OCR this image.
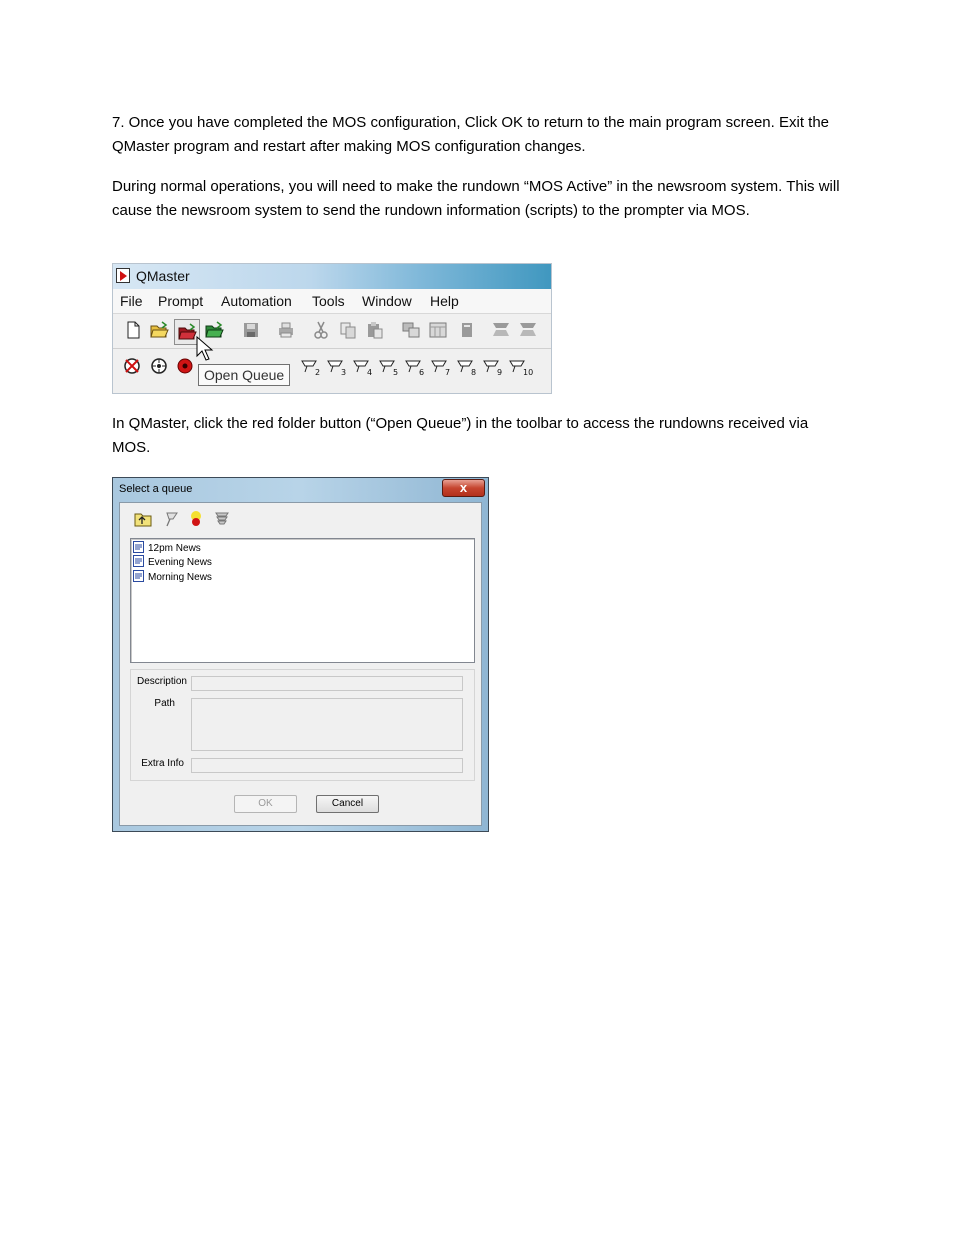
7. Once you have completed the MOS configuration, Click OK to return to the main program screen. Exit the QMaster program and restart after making MOS configuration changes.

During normal operations, you will need to make the rundown “MOS Active” in the newsroom system. This will cause the newsroom system to send the rundown information (scripts) to the prompter via MOS.

QMaster
File Prompt Automation Tools Window Help
2	3	4	5	6	7	8	9	10
Open Queue

In QMaster, click the red folder button (“Open Queue”) in the toolbar to access the rundowns received via MOS.

Select a queue	x
12pm News
Evening News
Morning News
Description
Path
Extra Info
OK	Cancel
